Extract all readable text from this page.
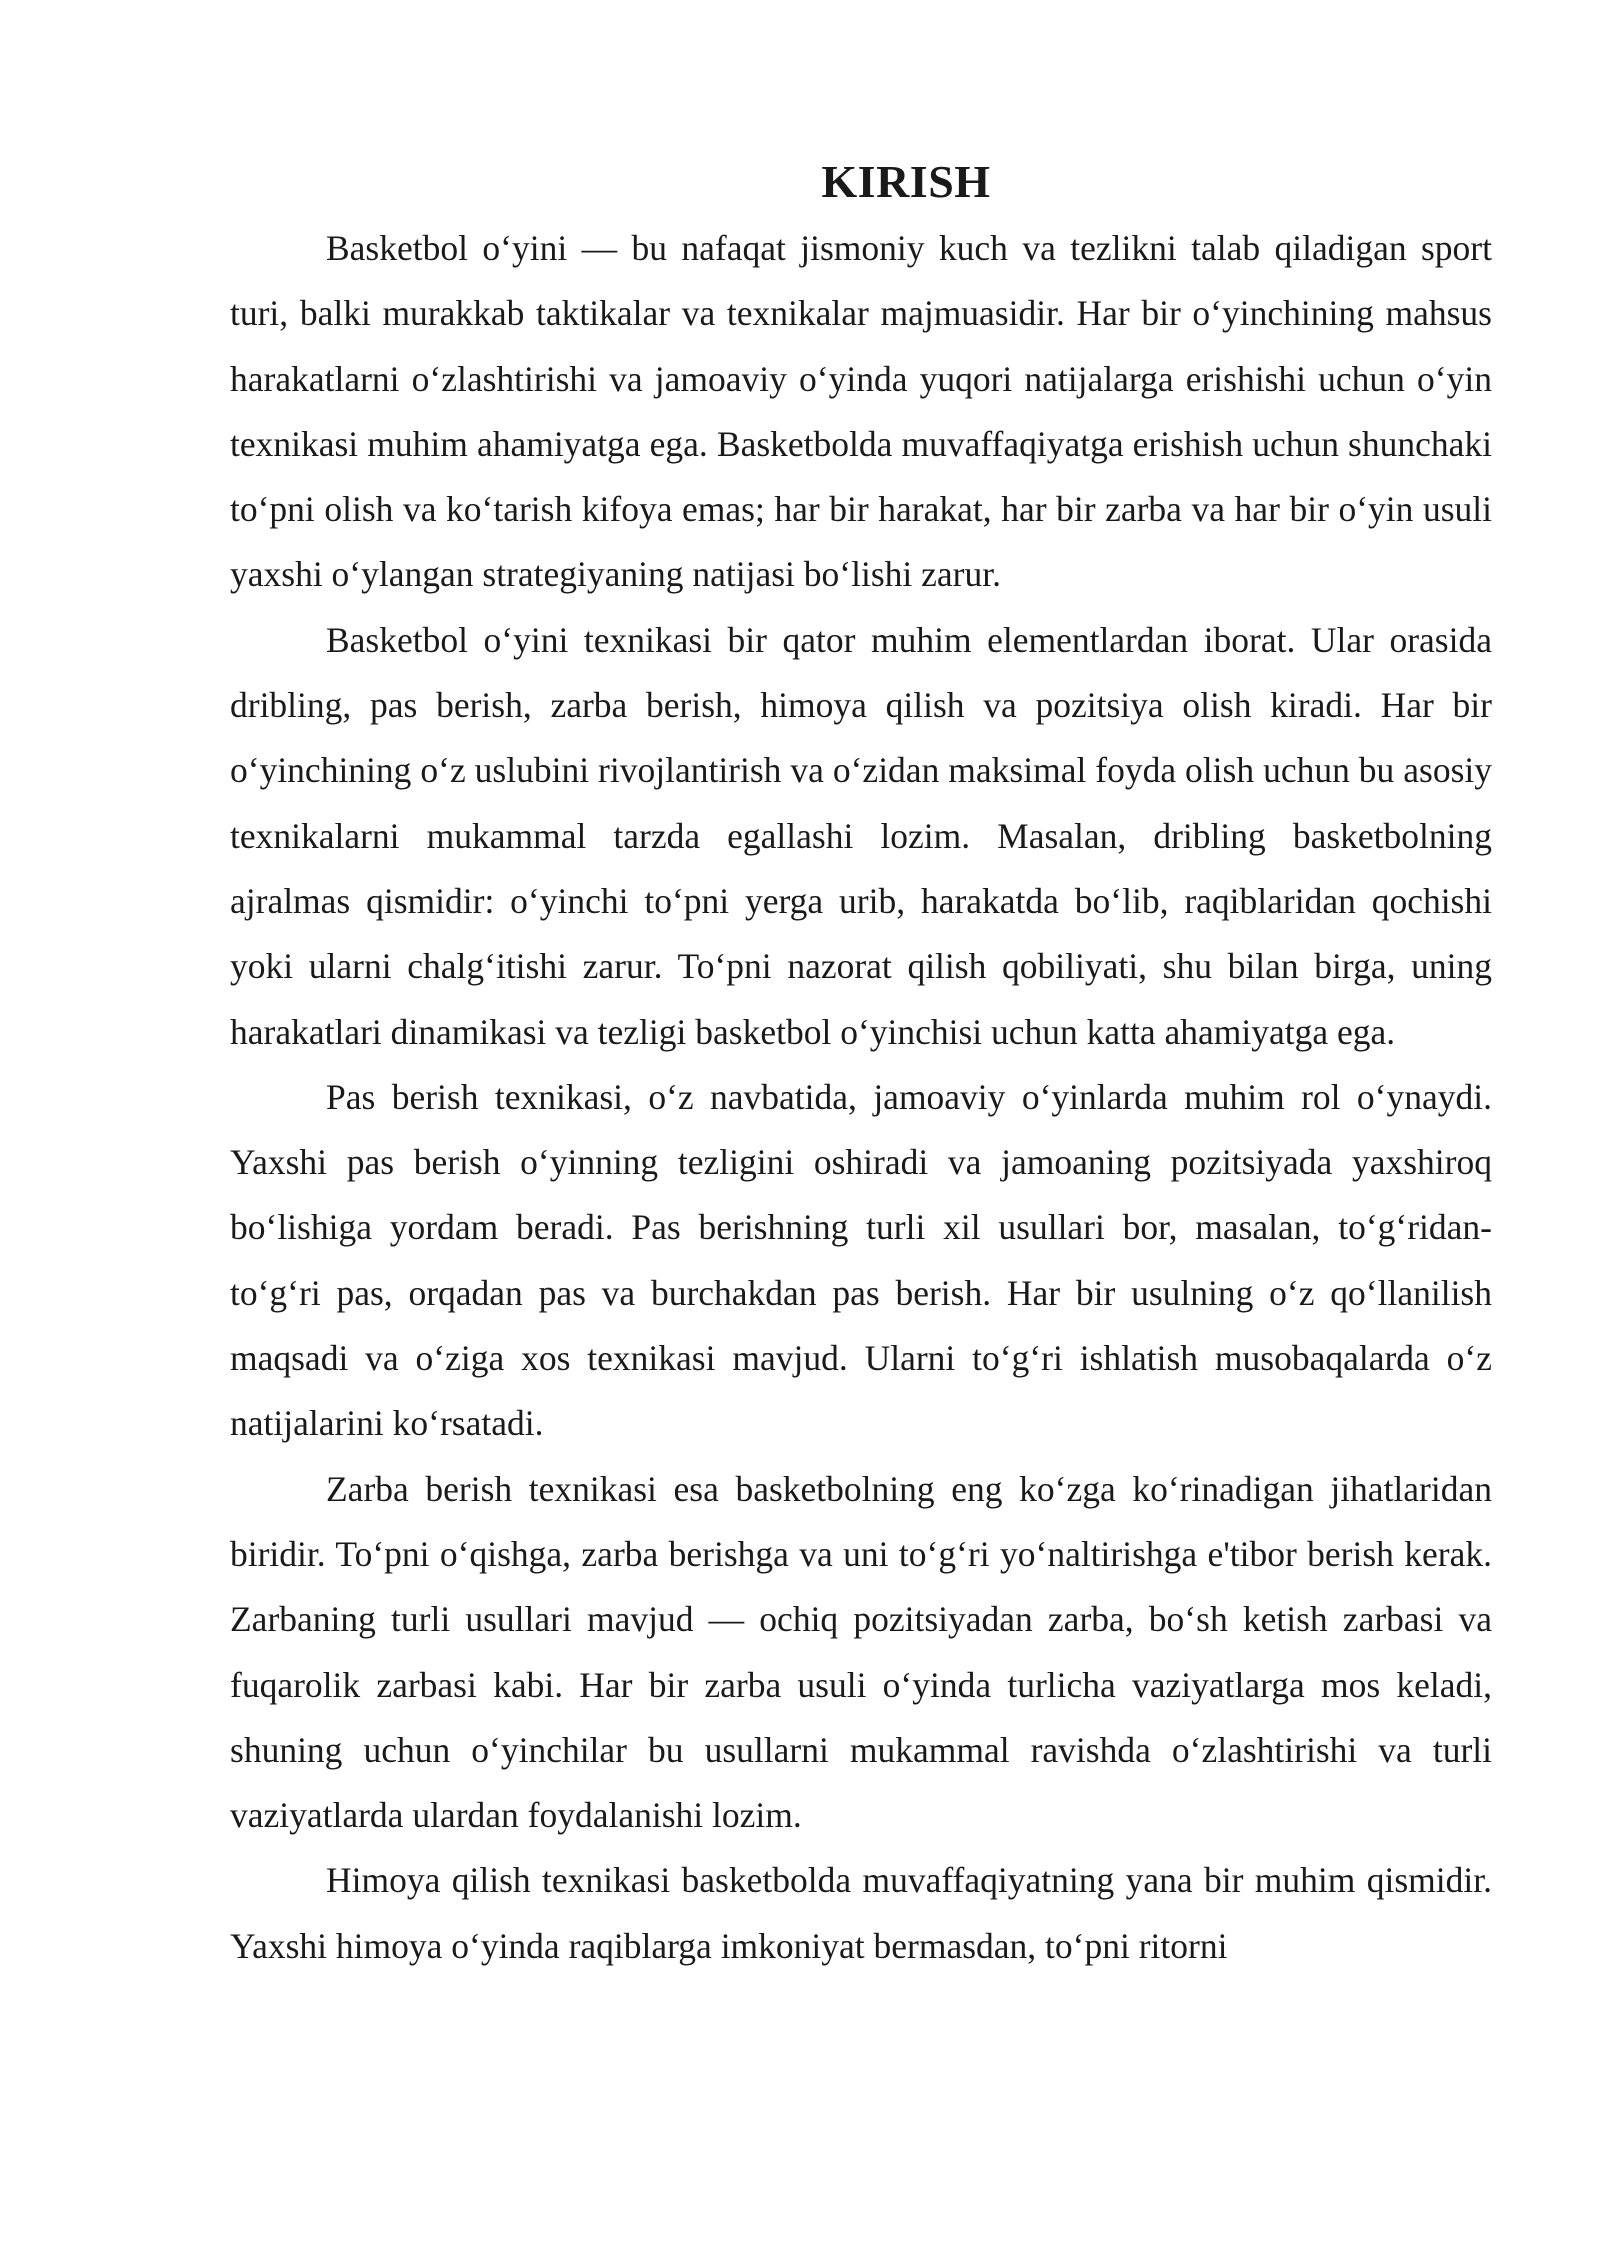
KIRISH

Basketbol o‘yini — bu nafaqat jismoniy kuch va tezlikni talab qiladigan sport turi, balki murakkab taktikalar va texnikalar majmuasidir. Har bir o‘yinchining mahsus harakatlarni o‘zlashtirishi va jamoaviy o‘yinda yuqori natijalarga erishishi uchun o‘yin texnikasi muhim ahamiyatga ega. Basketbolda muvaffaqiyatga erishish uchun shunchaki to‘pni olish va ko‘tarish kifoya emas; har bir harakat, har bir zarba va har bir o‘yin usuli yaxshi o‘ylangan strategiyaning natijasi bo‘lishi zarur.

Basketbol o‘yini texnikasi bir qator muhim elementlardan iborat. Ular orasida dribling, pas berish, zarba berish, himoya qilish va pozitsiya olish kiradi. Har bir o‘yinchining o‘z uslubini rivojlantirish va o‘zidan maksimal foyda olish uchun bu asosiy texnikalarni mukammal tarzda egallashi lozim. Masalan, dribling basketbolning ajralmas qismidir: o‘yinchi to‘pni yerga urib, harakatda bo‘lib, raqiblaridan qochishi yoki ularni chalg‘itishi zarur. To‘pni nazorat qilish qobiliyati, shu bilan birga, uning harakatlari dinamikasi va tezligi basketbol o‘yinchisi uchun katta ahamiyatga ega.

Pas berish texnikasi, o‘z navbatida, jamoaviy o‘yinlarda muhim rol o‘ynaydi. Yaxshi pas berish o‘yinning tezligini oshiradi va jamoaning pozitsiyada yaxshiroq bo‘lishiga yordam beradi. Pas berishning turli xil usullari bor, masalan, to‘g‘ridan-to‘g‘ri pas, orqadan pas va burchakdan pas berish. Har bir usulning o‘z qo‘llanilish maqsadi va o‘ziga xos texnikasi mavjud. Ularni to‘g‘ri ishlatish musobaqalarda o‘z natijalarini ko‘rsatadi.

Zarba berish texnikasi esa basketbolning eng ko‘zga ko‘rinadigan jihatlaridan biridir. To‘pni o‘qishga, zarba berishga va uni to‘g‘ri yo‘naltirishga e'tibor berish kerak. Zarbaning turli usullari mavjud — ochiq pozitsiyadan zarba, bo‘sh ketish zarbasi va fuqarolik zarbasi kabi. Har bir zarba usuli o‘yinda turlicha vaziyatlarga mos keladi, shuning uchun o‘yinchilar bu usullarni mukammal ravishda o‘zlashtirishi va turli vaziyatlarda ulardan foydalanishi lozim.

Himoya qilish texnikasi basketbolda muvaffaqiyatning yana bir muhim qismidir. Yaxshi himoya o‘yinda raqiblarga imkoniyat bermasdan, to‘pni ritorni
